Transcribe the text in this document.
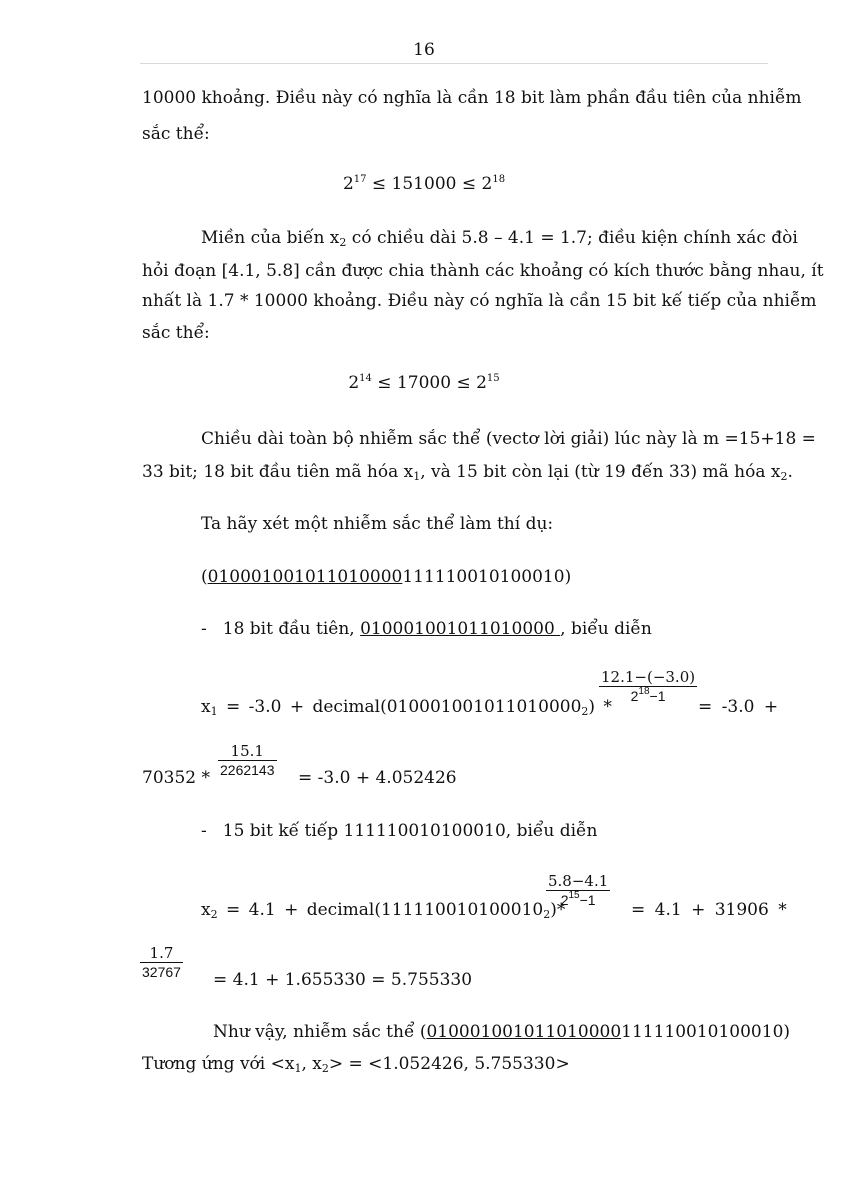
16
10000 khoảng. Điều này có nghĩa là cần 18 bit làm phần đầu tiên của nhiễm
sắc thể:
$2^{17} \le 151000 \le 2^{18}$
Miền của biến $x_2$ có chiều dài 5.8 – 4.1 = 1.7; điều kiện chính xác đòi
hỏi đoạn [4.1, 5.8] cần được chia thành các khoảng có kích thước bằng nhau, ít
nhất là 1.7 * 10000 khoảng. Điều này có nghĩa là cần 15 bit kế tiếp của nhiễm
sắc thể:
$2^{14} \le 17000 \le 2^{15}$
Chiều dài toàn bộ nhiễm sắc thể (vectơ lời giải) lúc này là m =15+18 =
33 bit; 18 bit đầu tiên mã hóa $x_1$, và 15 bit còn lại (từ 19 đến 33) mã hóa $x_2$.
Ta hãy xét một nhiễm sắc thể làm thí dụ:
(010001001011010000111110010100010)
- 18 bit đầu tiên, 010001001011010000 , biểu diễn
$x_1 = -3.0$ + $decimal(010001001011010000_2)$ *
$\frac{12.1-(-3.0)}{2^{18}-1}$
= -3.0 +
$70352 * \frac{15.1}{2262143} = -3.0 + 4.052426$
- 15 bit kế tiếp 111110010100010, biểu diễn
$x_2 = 4.1$ + $decimal(111110010100010_2)*$
$\frac{5.8-4.1}{2^{15}-1}$
= 4.1 + 31906 *
$\frac{1.7}{32767} = 4.1 + 1.655330 = 5.755330$
Như vậy, nhiễm sắc thể (010001001011010000111110010100010)
Tương ứng với $<x_1$, $x_2> = <1.052426$, 5.755330>
